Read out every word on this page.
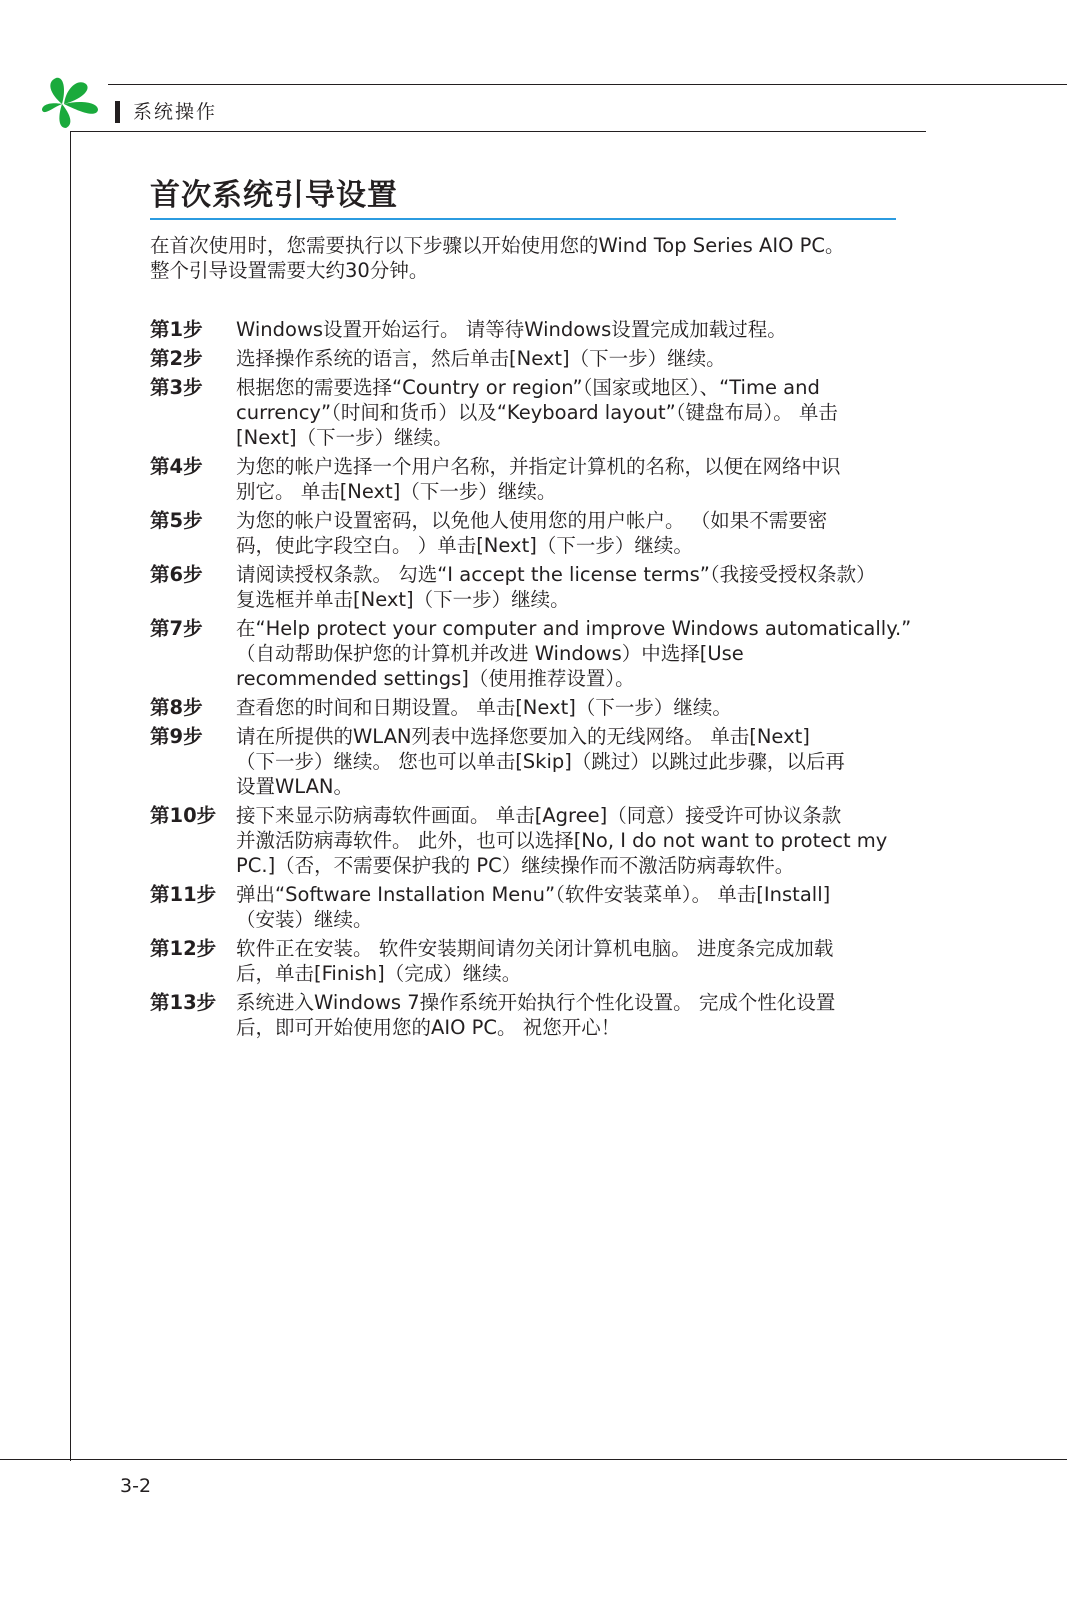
系统操作
首次系统引导设置
在首次使用时，您需要执行以下步骤以开始使用您的Wind Top Series AIO PC。
整个引导设置需要大约30分钟。
第1步	Windows设置开始运行。 请等待Windows设置完成加载过程。
第2步	选择操作系统的语言，然后单击[Next]（下一步）继续。
第3步	根据您的需要选择“Country or region”（国家或地区）、“Time and
currency”（时间和货币）以及“Keyboard layout”（键盘布局）。 单击
[Next]（下一步）继续。
第4步	为您的帐户选择一个用户名称，并指定计算机的名称，以便在网络中识
别它。 单击[Next]（下一步）继续。
第5步	为您的帐户设置密码，以免他人使用您的用户帐户。 （如果不需要密
码，使此字段空白。 ）单击[Next]（下一步）继续。
第6步	请阅读授权条款。 勾选“I accept the license terms”（我接受授权条款）
复选框并单击[Next]（下一步）继续。
第7步	在“Help protect your computer and improve Windows automatically.”
（自动帮助保护您的计算机并改进 Windows）中选择[Use
recommended settings]（使用推荐设置）。
第8步	查看您的时间和日期设置。 单击[Next]（下一步）继续。
第9步	请在所提供的WLAN列表中选择您要加入的无线网络。 单击[Next]
（下一步）继续。 您也可以单击[Skip]（跳过）以跳过此步骤，以后再
设置WLAN。
第10步	接下来显示防病毒软件画面。 单击[Agree]（同意）接受许可协议条款
并激活防病毒软件。 此外，也可以选择[No, I do not want to protect my
PC.]（否，不需要保护我的 PC）继续操作而不激活防病毒软件。
第11步	弹出“Software Installation Menu”（软件安装菜单）。 单击[Install]
（安装）继续。
第12步	软件正在安装。 软件安装期间请勿关闭计算机电脑。 进度条完成加载
后，单击[Finish]（完成）继续。
第13步	系统进入Windows 7操作系统开始执行个性化设置。 完成个性化设置
后，即可开始使用您的AIO PC。 祝您开心！
3-2
